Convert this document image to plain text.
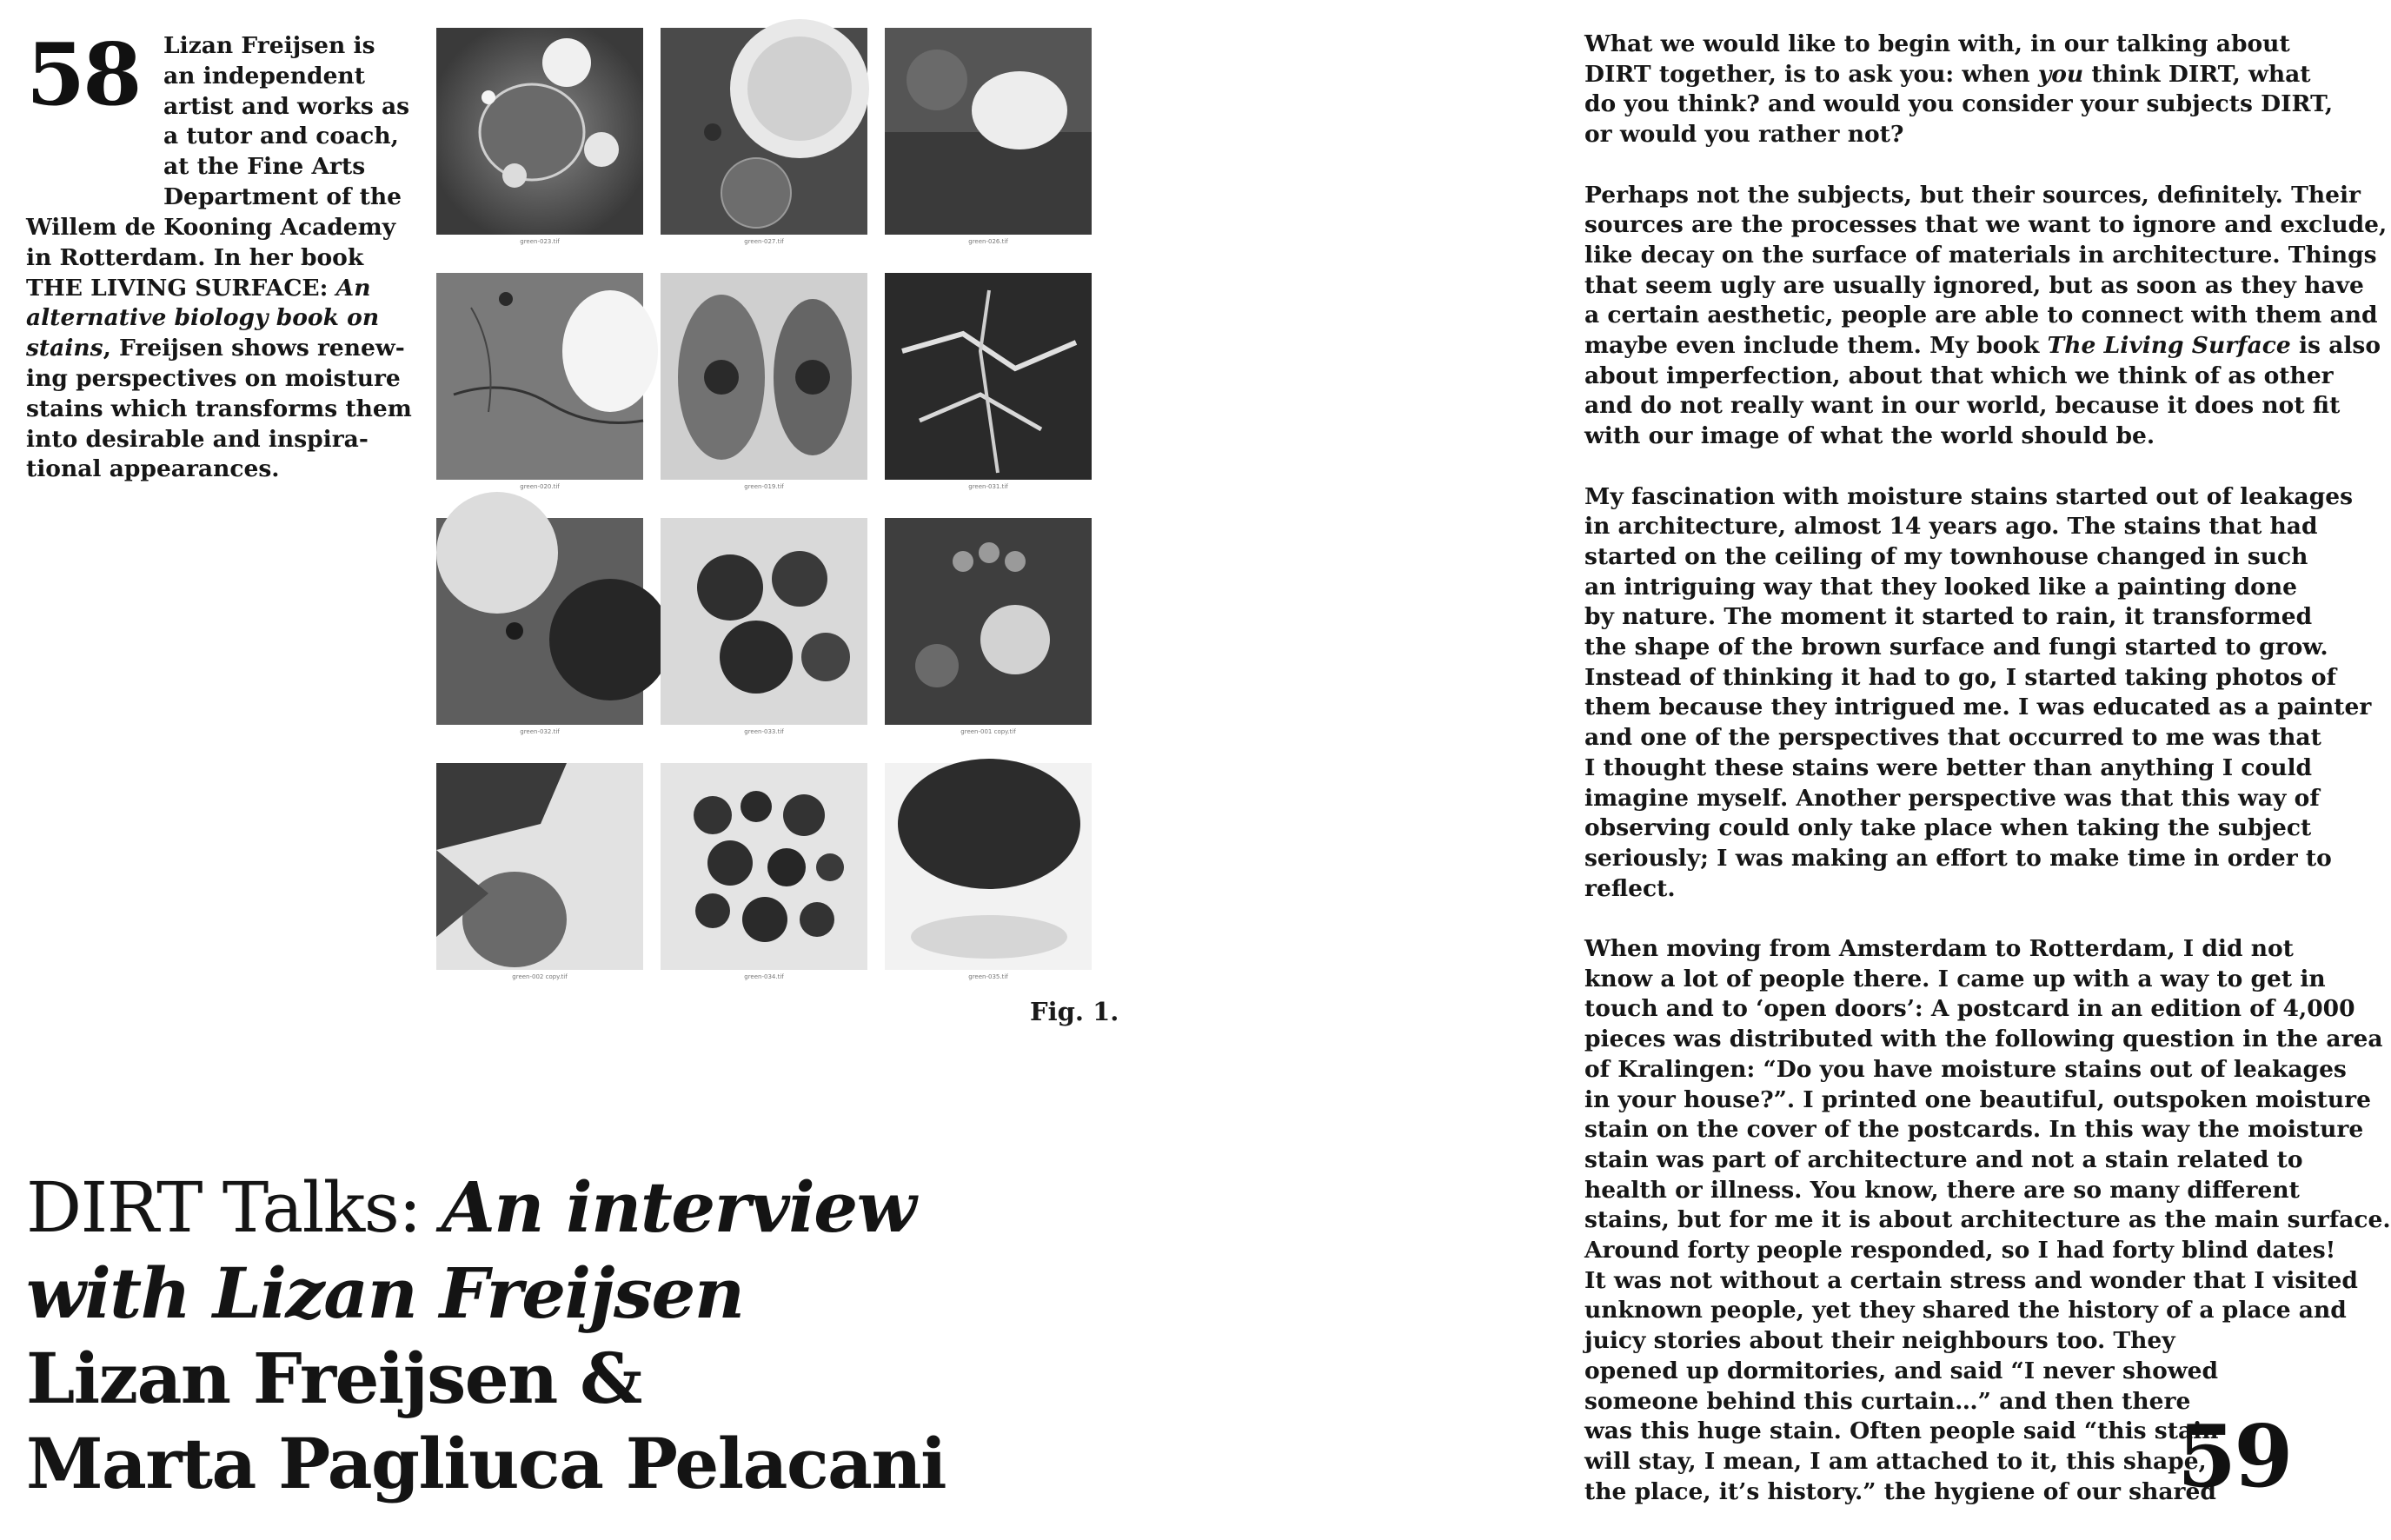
58 Lizan Freijsen is
an independent
artist and works as
a tutor and coach,
at the Fine Arts
Department of the
Willem de Kooning Academy
in Rotterdam. In her book
THE LIVING SURFACE: An
alternative biology book on
stains, Freijsen shows renew-
ing perspectives on moisture
stains which transforms them
into desirable and inspira-
tional appearances.
green-023.tif	green-027.tif	green-026.tif
green-020.tif	green-019.tif	green-031.tif
green-032.tif	green-033.tif	green-001 copy.tif
green-002 copy.tif	green-034.tif	green-035.tif
Fig. 1.
DIRT Talks: An interview
with Lizan Freijsen
Lizan Freijsen &
Marta Pagliuca Pelacani

What we would like to begin with, in our talking about
DIRT together, is to ask you: when you think DIRT, what
do you think? and would you consider your subjects DIRT,
or would you rather not?

Perhaps not the subjects, but their sources, definitely. Their
sources are the processes that we want to ignore and exclude,
like decay on the surface of materials in architecture. Things
that seem ugly are usually ignored, but as soon as they have
a certain aesthetic, people are able to connect with them and
maybe even include them. My book The Living Surface is also
about imperfection, about that which we think of as other
and do not really want in our world, because it does not fit
with our image of what the world should be.

My fascination with moisture stains started out of leakages
in architecture, almost 14 years ago. The stains that had
started on the ceiling of my townhouse changed in such
an intriguing way that they looked like a painting done
by nature. The moment it started to rain, it transformed
the shape of the brown surface and fungi started to grow.
Instead of thinking it had to go, I started taking photos of
them because they intrigued me. I was educated as a painter
and one of the perspectives that occurred to me was that
I thought these stains were better than anything I could
imagine myself. Another perspective was that this way of
observing could only take place when taking the subject
seriously; I was making an effort to make time in order to
reflect.

When moving from Amsterdam to Rotterdam, I did not
know a lot of people there. I came up with a way to get in
touch and to ‘open doors’: A postcard in an edition of 4,000
pieces was distributed with the following question in the area
of Kralingen: “Do you have moisture stains out of leakages
in your house?”. I printed one beautiful, outspoken moisture
stain on the cover of the postcards. In this way the moisture
stain was part of architecture and not a stain related to
health or illness. You know, there are so many different
stains, but for me it is about architecture as the main surface.
Around forty people responded, so I had forty blind dates!
It was not without a certain stress and wonder that I visited
unknown people, yet they shared the history of a place and
juicy stories about their neighbours too. They
opened up dormitories, and said “I never showed
someone behind this curtain…” and then there
was this huge stain. Often people said “this stain
will stay, I mean, I am attached to it, this shape,
the place, it’s history.” the hygiene of our shared

59
